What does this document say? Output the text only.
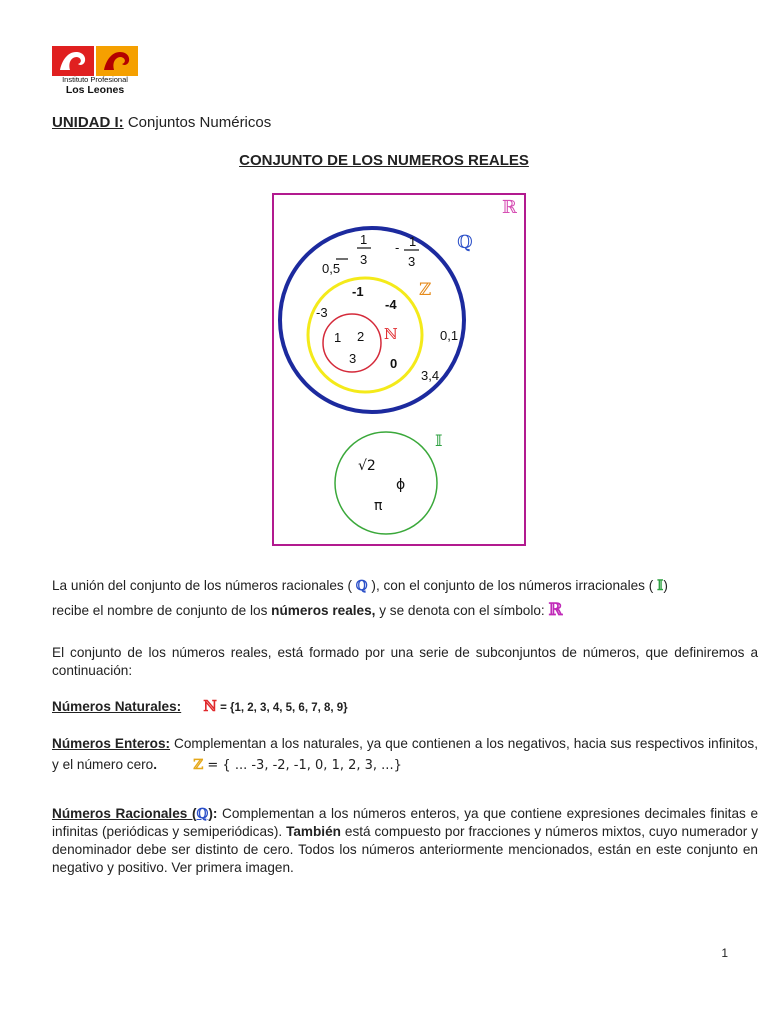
Instituto Profesional
Los Leones
UNIDAD I: Conjuntos Numéricos
CONJUNTO DE LOS NUMEROS REALES
ℝ
ℚ
1
3
- 1
3
0,5
0,1
3,4
ℤ
-1
-4
-3
0
ℕ
1 2
3
𝕀
√2
ϕ
π

La unión del conjunto de los números racionales ( ℚ ), con el conjunto de los números irracionales ( 𝕀)

recibe el nombre de conjunto de los números reales, y se denota con el símbolo: ℝ

El conjunto de los números reales, está formado por una serie de subconjuntos de números, que definiremos a continuación:

Números Naturales: ℕ = {1, 2, 3, 4, 5, 6, 7, 8, 9}

Números Enteros: Complementan a los naturales, ya que contienen a los negativos, hacia sus respectivos infinitos, y el número cero.	ℤ = { ... -3, -2, -1, 0, 1, 2, 3, ...}

Números Racionales (ℚ): Complementan a los números enteros, ya que contiene expresiones decimales finitas e infinitas (periódicas y semiperiódicas). También está compuesto por fracciones y números mixtos, cuyo numerador y denominador debe ser distinto de cero. Todos los números anteriormente mencionados, están en este conjunto en negativo y positivo. Ver primera imagen.

1
